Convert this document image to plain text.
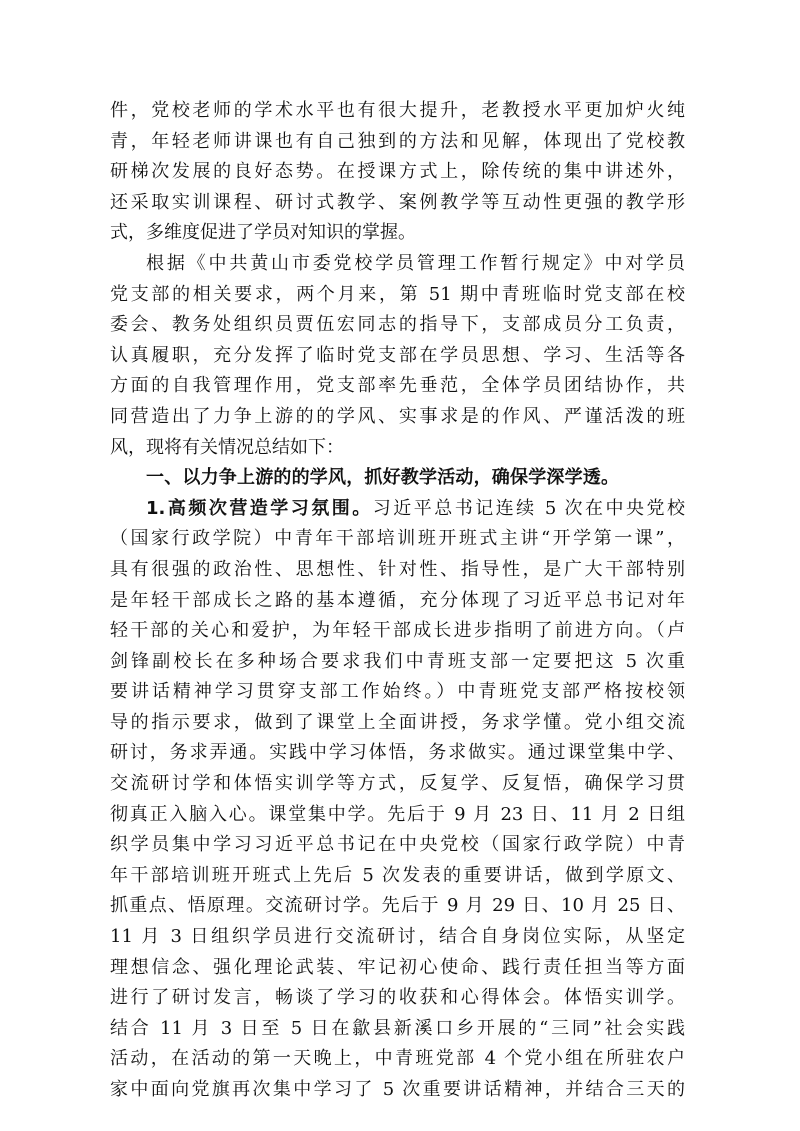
件，党校老师的学术水平也有很大提升，老教授水平更加炉火纯
青，年轻老师讲课也有自己独到的方法和见解，体现出了党校教
研梯次发展的良好态势。在授课方式上，除传统的集中讲述外，
还采取实训课程、研讨式教学、案例教学等互动性更强的教学形
式，多维度促进了学员对知识的掌握。
根据《中共黄山市委党校学员管理工作暂行规定》中对学员
党支部的相关要求，两个月来，第 51 期中青班临时党支部在校
委会、教务处组织员贾伍宏同志的指导下，支部成员分工负责，
认真履职，充分发挥了临时党支部在学员思想、学习、生活等各
方面的自我管理作用，党支部率先垂范，全体学员团结协作，共
同营造出了力争上游的的学风、实事求是的作风、严谨活泼的班
风，现将有关情况总结如下：
一、以力争上游的的学风，抓好教学活动，确保学深学透。
1.高频次营造学习氛围。习近平总书记连续 5 次在中央党校
（国家行政学院）中青年干部培训班开班式主讲“开学第一课”，
具有很强的政治性、思想性、针对性、指导性，是广大干部特别
是年轻干部成长之路的基本遵循，充分体现了习近平总书记对年
轻干部的关心和爱护，为年轻干部成长进步指明了前进方向。（卢
剑锋副校长在多种场合要求我们中青班支部一定要把这 5 次重
要讲话精神学习贯穿支部工作始终。）中青班党支部严格按校领
导的指示要求，做到了课堂上全面讲授，务求学懂。党小组交流
研讨，务求弄通。实践中学习体悟，务求做实。通过课堂集中学、
交流研讨学和体悟实训学等方式，反复学、反复悟，确保学习贯
彻真正入脑入心。课堂集中学。先后于 9 月 23 日、11 月 2 日组
织学员集中学习习近平总书记在中央党校（国家行政学院）中青
年干部培训班开班式上先后 5 次发表的重要讲话，做到学原文、
抓重点、悟原理。交流研讨学。先后于 9 月 29 日、10 月 25 日、
11 月 3 日组织学员进行交流研讨，结合自身岗位实际，从坚定
理想信念、强化理论武装、牢记初心使命、践行责任担当等方面
进行了研讨发言，畅谈了学习的收获和心得体会。体悟实训学。
结合 11 月 3 日至 5 日在歙县新溪口乡开展的“三同”社会实践
活动，在活动的第一天晚上，中青班党部 4 个党小组在所驻农户
家中面向党旗再次集中学习了 5 次重要讲话精神，并结合三天的
